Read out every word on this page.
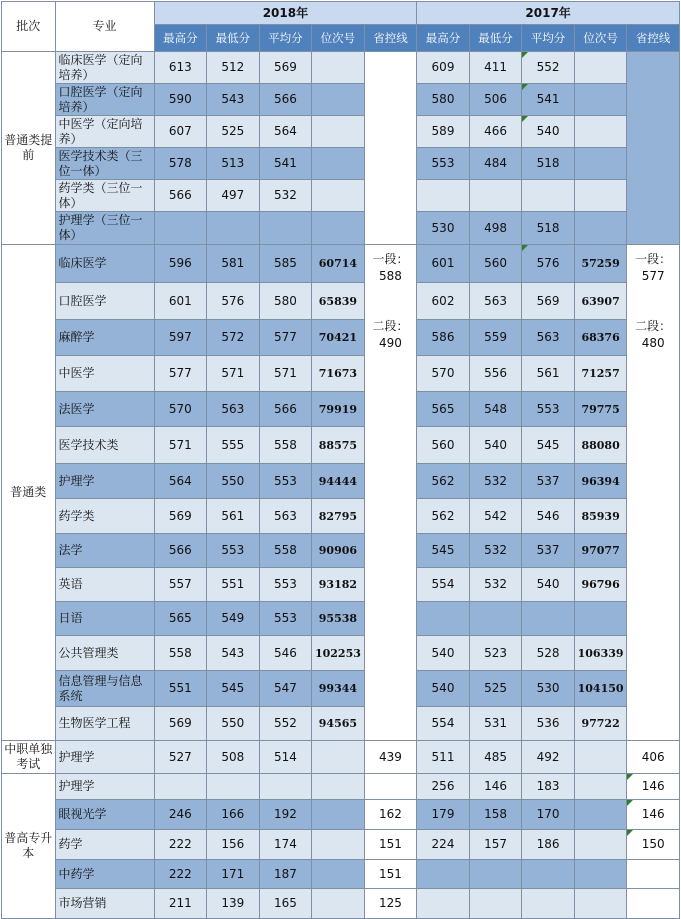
批次	专业	2018年					2017年				
		最高分	最低分	平均分	位次号	省控线	最高分	最低分	平均分	位次号	省控线
普通类提前	临床医学（定向培养）	613	512	569			609	411	552		
	口腔医学（定向培养）	590	543	566			580	506	541		
	中医学（定向培养）	607	525	564			589	466	540		
	医学技术类（三位一体）	578	513	541			553	484	518		
	药学类（三位一体）	566	497	532							
	护理学（三位一体）						530	498	518		
普通类	临床医学	596	581	585	60714	一段：
588
二段：
490	601	560	576	57259	一段：
577
二段：
480

	口腔医学	601	576	580	65839		602	563	569	63907	
	麻醉学	597	572	577	70421		586	559	563	68376	
	中医学	577	571	571	71673		570	556	561	71257	
	法医学	570	563	566	79919		565	548	553	79775	
	医学技术类	571	555	558	88575		560	540	545	88080	
	护理学	564	550	553	94444		562	532	537	96394	
	药学类	569	561	563	82795		562	542	546	85939	
	法学	566	553	558	90906		545	532	537	97077	
	英语	557	551	553	93182		554	532	540	96796	
	日语	565	549	553	95538						
	公共管理类	558	543	546	102253		540	523	528	106339	
	信息管理与信息系统	551	545	547	99344		540	525	530	104150	
	生物医学工程	569	550	552	94565		554	531	536	97722	
中职单独考试	护理学	527	508	514		439	511	485	492		406
普高专升本	护理学						256	146	183		146
	眼视光学	246	166	192		162	179	158	170		146
	药学	222	156	174		151	224	157	186		150
	中药学	222	171	187		151					
	市场营销	211	139	165		125					
